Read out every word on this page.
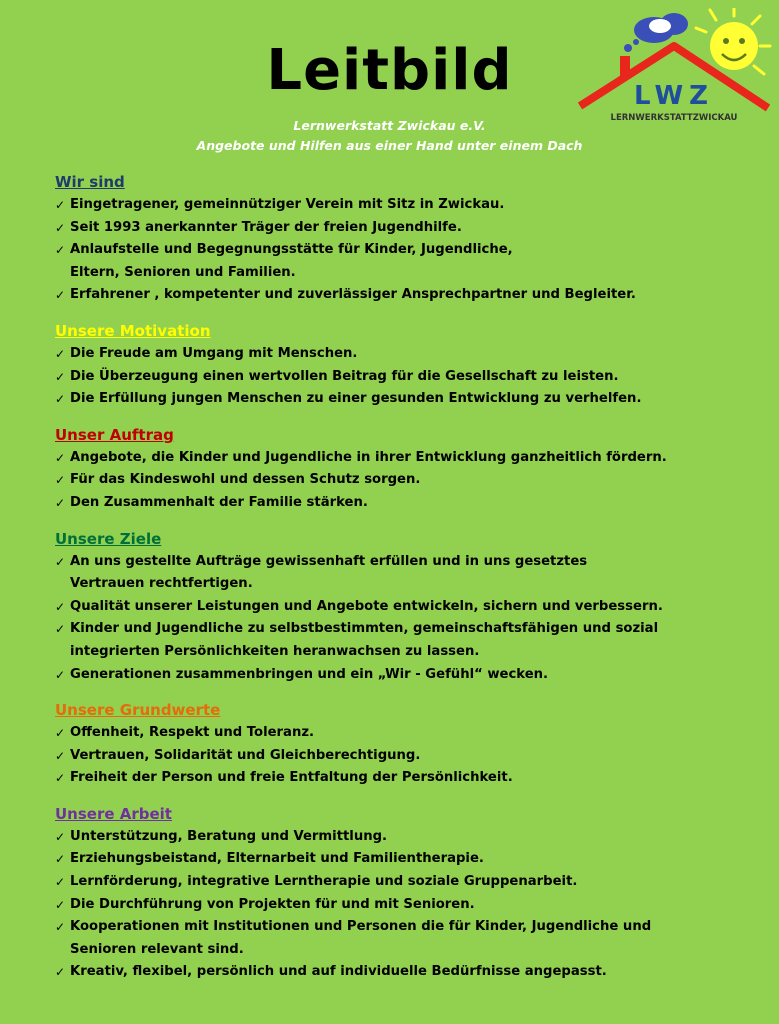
Leitbild
Lernwerkstatt Zwickau e.V.
Angebote und Hilfen aus einer Hand unter einem Dach
LWZ
LERNWERKSTATTZWICKAU
Wir sind
✓ Eingetragener, gemeinnütziger Verein mit Sitz in Zwickau.
✓ Seit 1993 anerkannter Träger der freien Jugendhilfe.
✓ Anlaufstelle und Begegnungsstätte für Kinder, Jugendliche,
Eltern, Senioren und Familien.
✓ Erfahrener , kompetenter und zuverlässiger Ansprechpartner und Begleiter.
Unsere Motivation
✓ Die Freude am Umgang mit Menschen.
✓ Die Überzeugung einen wertvollen Beitrag für die Gesellschaft zu leisten.
✓ Die Erfüllung jungen Menschen zu einer gesunden Entwicklung zu verhelfen.
Unser Auftrag
✓ Angebote, die Kinder und Jugendliche in ihrer Entwicklung ganzheitlich fördern.
✓ Für das Kindeswohl und dessen Schutz sorgen.
✓ Den Zusammenhalt der Familie stärken.
Unsere Ziele
✓ An uns gestellte Aufträge gewissenhaft erfüllen und in uns gesetztes
Vertrauen rechtfertigen.
✓ Qualität unserer Leistungen und Angebote entwickeln, sichern und verbessern.
✓ Kinder und Jugendliche zu selbstbestimmten, gemeinschaftsfähigen und sozial
integrierten Persönlichkeiten heranwachsen zu lassen.
✓ Generationen zusammenbringen und ein „Wir - Gefühl“ wecken.
Unsere Grundwerte
✓ Offenheit, Respekt und Toleranz.
✓ Vertrauen, Solidarität und Gleichberechtigung.
✓ Freiheit der Person und freie Entfaltung der Persönlichkeit.
Unsere Arbeit
✓ Unterstützung, Beratung und Vermittlung.
✓ Erziehungsbeistand, Elternarbeit und Familientherapie.
✓ Lernförderung, integrative Lerntherapie und soziale Gruppenarbeit.
✓ Die Durchführung von Projekten für und mit Senioren.
✓ Kooperationen mit Institutionen und Personen die für Kinder, Jugendliche und
Senioren relevant sind.
✓ Kreativ, flexibel, persönlich und auf individuelle Bedürfnisse angepasst.
